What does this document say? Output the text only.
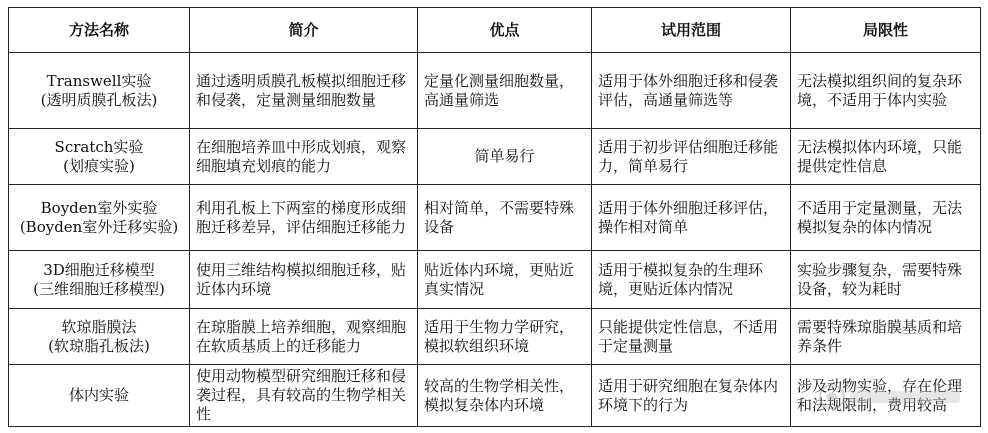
方法名称	简介	优点	试用范围	局限性

Transwell实验
(透明质膜孔板法)	通过透明质膜孔板模拟细胞迁移和侵袭，定量测量细胞数量	定量化测量细胞数量，高通量筛选	适用于体外细胞迁移和侵袭评估，高通量筛选等	无法模拟组织间的复杂环境，不适用于体内实验

Scratch实验
(划痕实验)	在细胞培养皿中形成划痕，观察细胞填充划痕的能力	简单易行	适用于初步评估细胞迁移能力，简单易行	无法模拟体内环境，只能提供定性信息

Boyden室外实验
(Boyden室外迁移实验)	利用孔板上下两室的梯度形成细胞迁移差异，评估细胞迁移能力	相对简单，不需要特殊设备	适用于体外细胞迁移评估，操作相对简单	不适用于定量测量，无法模拟复杂的体内情况

3D细胞迁移模型
(三维细胞迁移模型)	使用三维结构模拟细胞迁移，贴近体内环境	贴近体内环境，更贴近真实情况	适用于模拟复杂的生理环境，更贴近体内情况	实验步骤复杂，需要特殊设备，较为耗时

软琼脂膜法
(软琼脂孔板法)	在琼脂膜上培养细胞，观察细胞在软质基质上的迁移能力	适用于生物力学研究，模拟软组织环境	只能提供定性信息，不适用于定量测量	需要特殊琼脂膜基质和培养条件

体内实验	使用动物模型研究细胞迁移和侵袭过程，具有较高的生物学相关性	较高的生物学相关性，模拟复杂体内环境	适用于研究细胞在复杂体内环境下的行为	涉及动物实验，存在伦理和法规限制，费用较高
